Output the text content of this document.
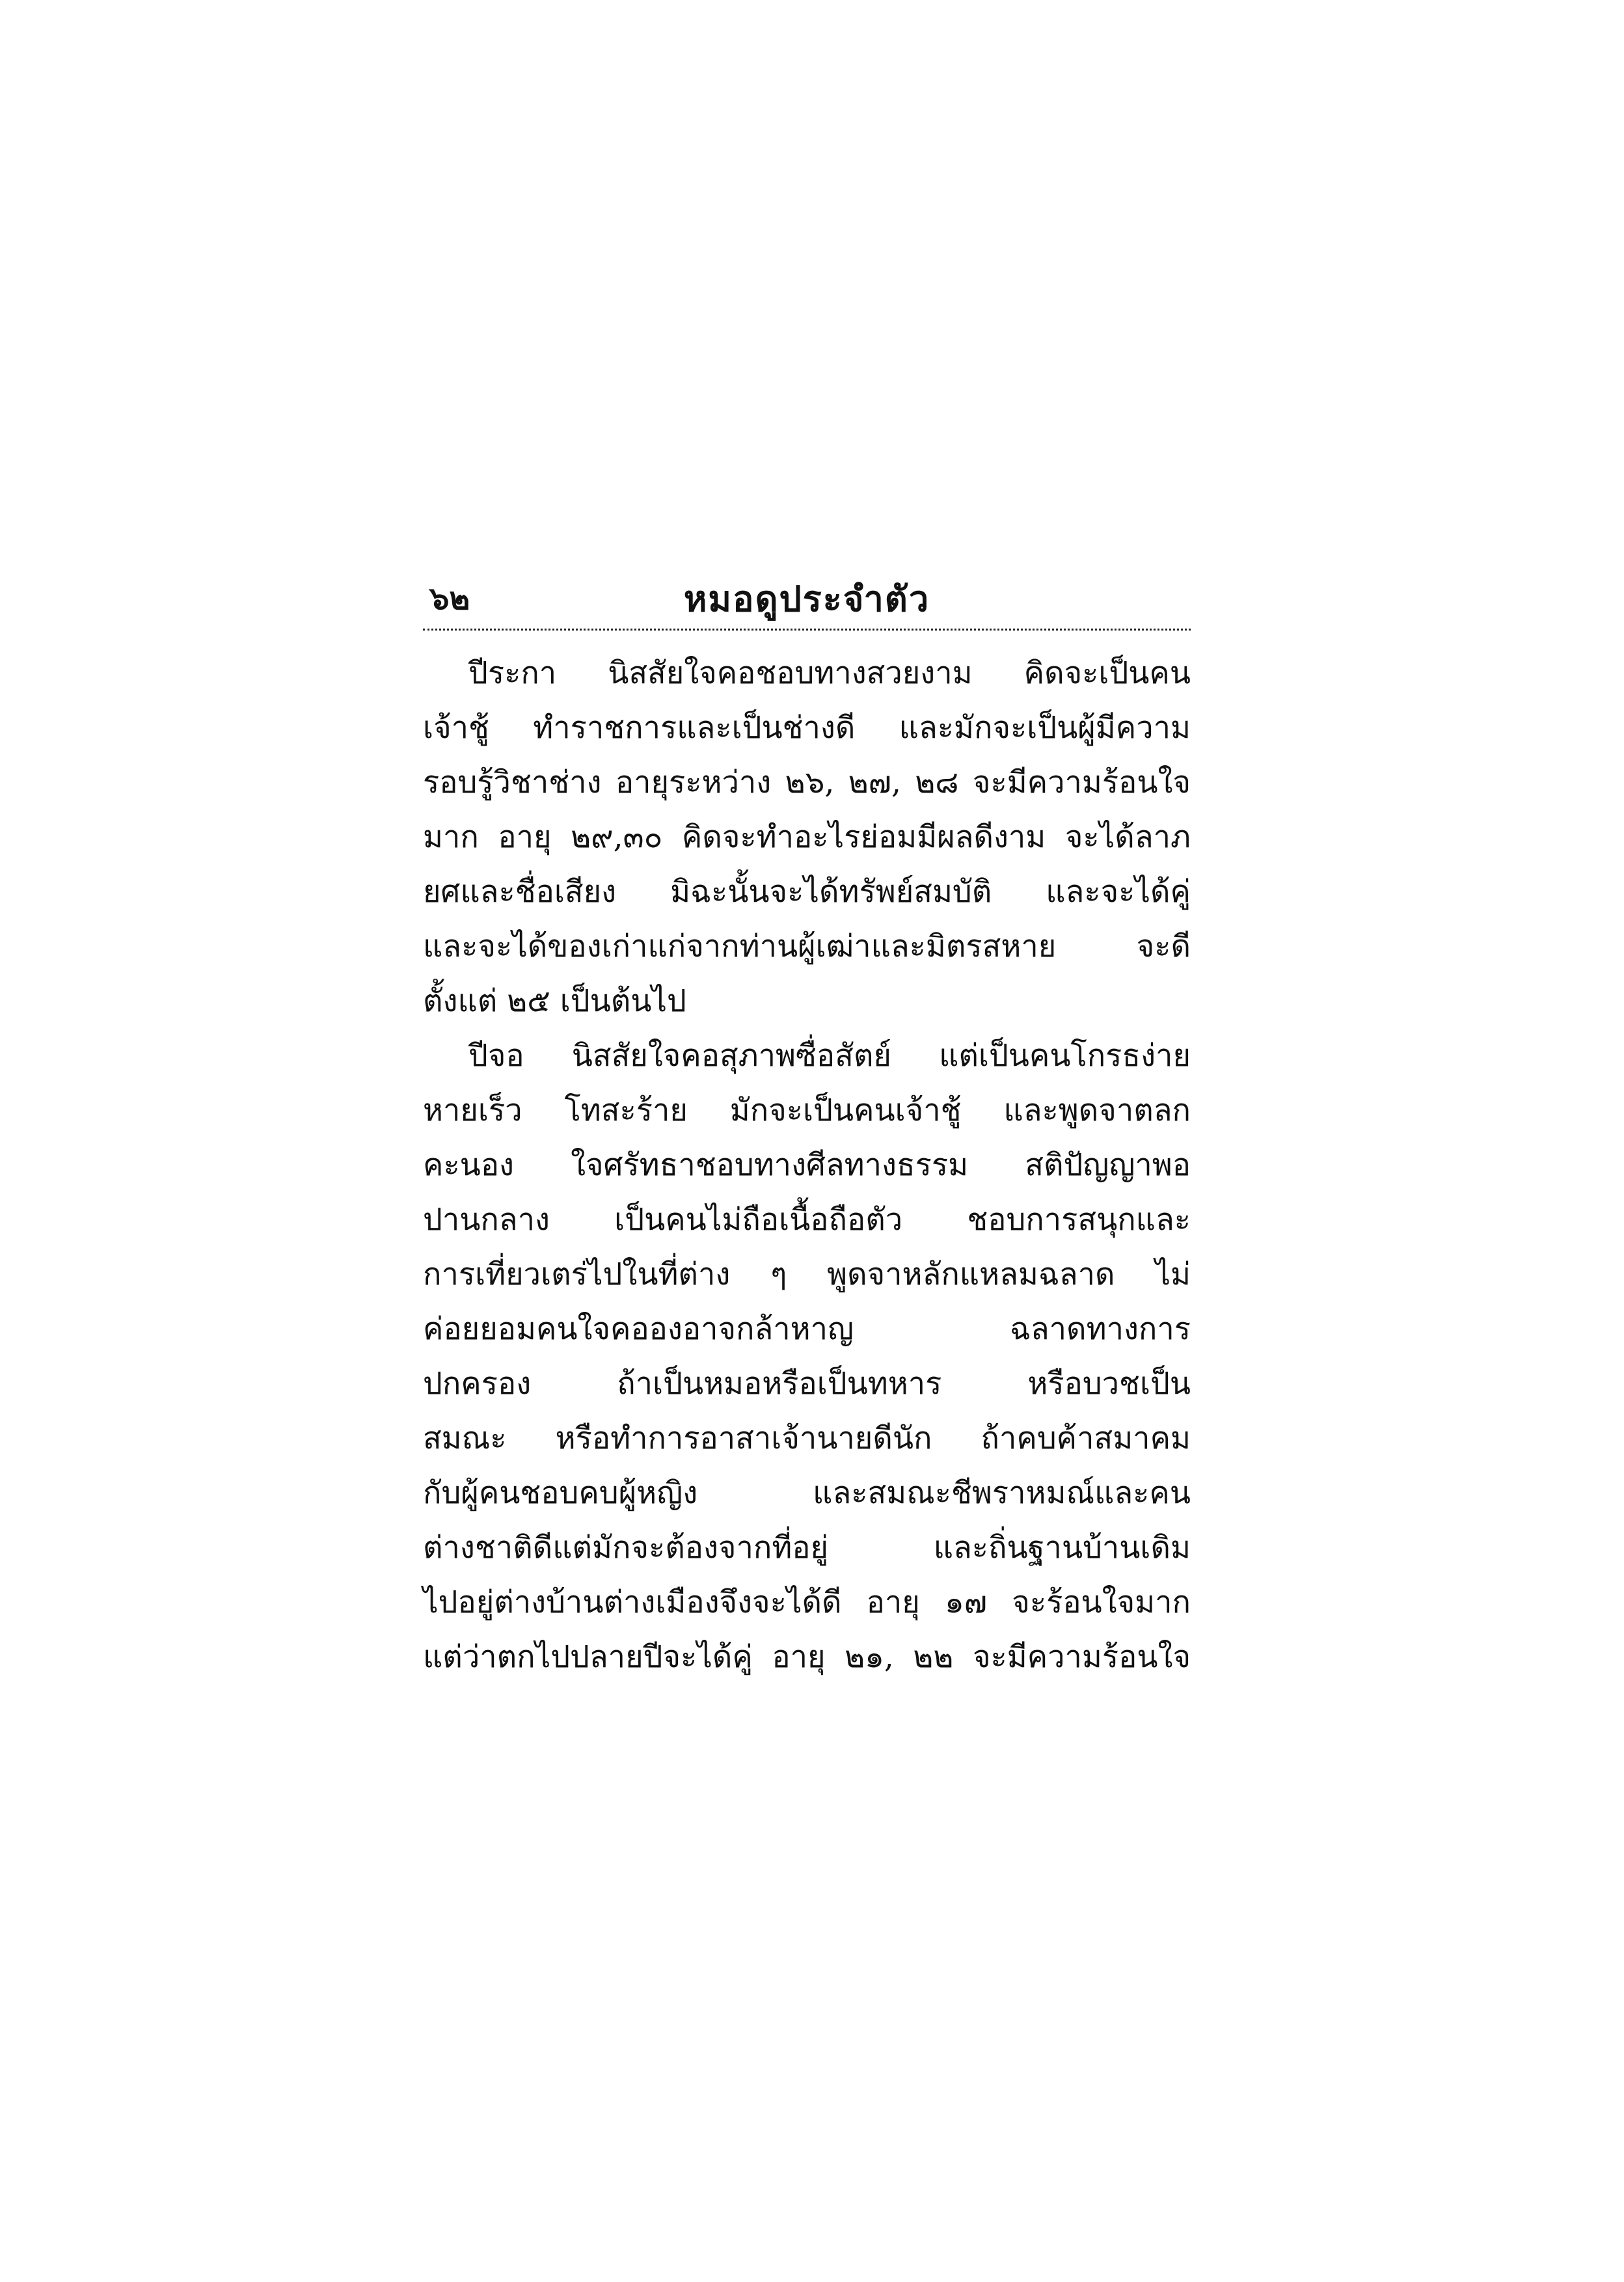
๖๒	หมอดูประจำตัว
ปีระกา นิสสัยใจคอชอบทางสวยงาม คิดจะเป็นคน
เจ้าชู้ ทำราชการและเป็นช่างดี และมักจะเป็นผู้มีความ
รอบรู้วิชาช่าง อายุระหว่าง ๒๖, ๒๗, ๒๘ จะมีความร้อนใจ
มาก อายุ ๒๙,๓๐ คิดจะทำอะไรย่อมมีผลดีงาม จะได้ลาภ
ยศและชื่อเสียง มิฉะนั้นจะได้ทรัพย์สมบัติ และจะได้คู่
และจะได้ของเก่าแก่จากท่านผู้เฒ่าและมิตรสหาย จะดี
ตั้งแต่ ๒๕ เป็นต้นไป
ปีจอ นิสสัยใจคอสุภาพซื่อสัตย์ แต่เป็นคนโกรธง่าย
หายเร็ว โทสะร้าย มักจะเป็นคนเจ้าชู้ และพูดจาตลก
คะนอง ใจศรัทธาชอบทางศีลทางธรรม สติปัญญาพอ
ปานกลาง เป็นคนไม่ถือเนื้อถือตัว ชอบการสนุกและ
การเที่ยวเตร่ไปในที่ต่าง ๆ พูดจาหลักแหลมฉลาด ไม่
ค่อยยอมคนใจคอองอาจกล้าหาญ ฉลาดทางการ
ปกครอง ถ้าเป็นหมอหรือเป็นทหาร หรือบวชเป็น
สมณะ หรือทำการอาสาเจ้านายดีนัก ถ้าคบค้าสมาคม
กับผู้คนชอบคบผู้หญิง และสมณะชีพราหมณ์และคน
ต่างชาติดีแต่มักจะต้องจากที่อยู่ และถิ่นฐานบ้านเดิม
ไปอยู่ต่างบ้านต่างเมืองจึงจะได้ดี อายุ ๑๗ จะร้อนใจมาก
แต่ว่าตกไปปลายปีจะได้คู่ อายุ ๒๑, ๒๒ จะมีความร้อนใจ
